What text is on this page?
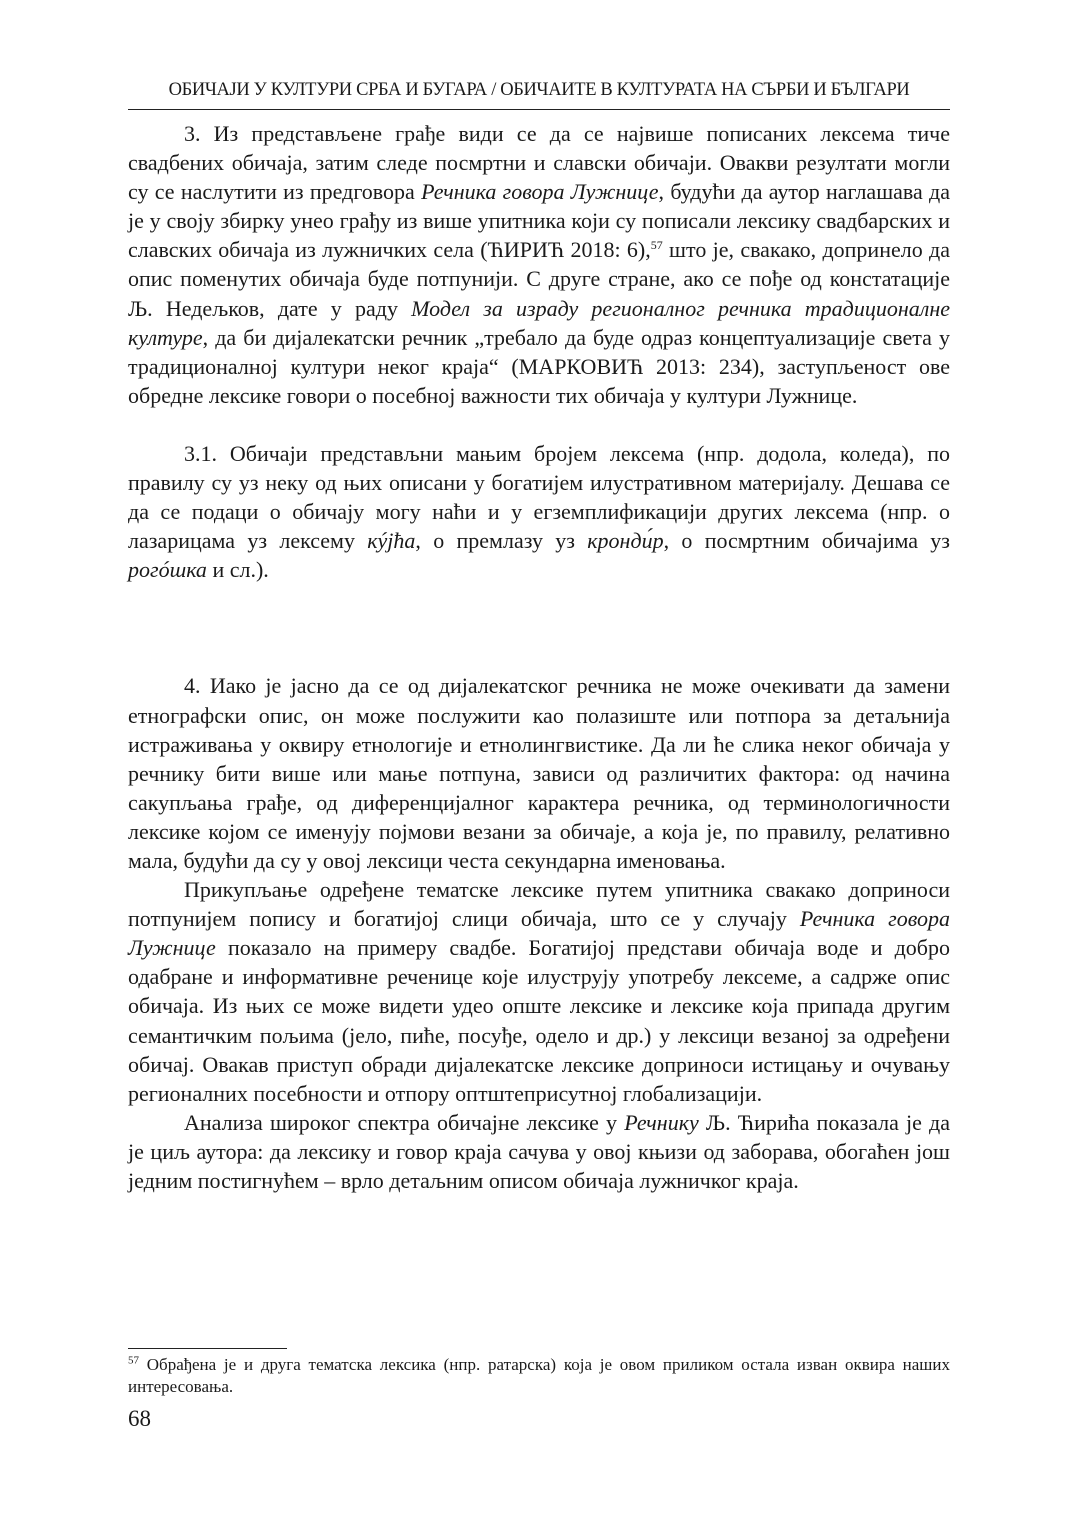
ОБИЧАЈИ У КУЛТУРИ СРБА И БУГАРА / ОБИЧАИТЕ В КУЛТУРАТА НА СЪРБИ И БЪЛГАРИ

3. Из представљене грађе види се да се највише пописаних лексема тиче свадбених обичаја, затим следе посмртни и славски обичаји. Овакви резултати могли су се наслутити из предговора Речника говора Лужнице, будући да аутор наглашава да је у своју збирку унео грађу из више упитника који су пописали лексику свадбарских и славских обичаја из лужничких села (ЋИРИЋ 2018: 6),$^{57}$ што је, свакако, допринело да опис поменутих обичаја буде потпунији. С друге стране, ако се пође од констатације Љ. Недељков, дате у раду Модел за израду регионалног речника традиционалне културе, да би дијалекатски речник „требало да буде одраз концептуализације света у традиционалној култури неког краја“ (МАРКОВИЋ 2013: 234), заступљеност ове обредне лексике говори о посебној важности тих обичаја у култури Лужнице.

3.1. Обичаји представљни мањим бројем лексема (нпр. додола, коледа), по правилу су уз неку од њих описани у богатијем илустративном материјалу. Дешава се да се подаци о обичају могу наћи и у егземплификацији других лексема (нпр. о лазарицама уз лексему кýјћа, о премлазу уз кронди́р, о посмртним обичајима уз рогóшка и сл.).

4. Иако је јасно да се од дијалекатског речника не може очекивати да замени етнографски опис, он може послужити као полазиште или потпора за детаљнија истраживања у оквиру етнологије и етнолингвистике. Да ли ће слика неког обичаја у речнику бити више или мање потпуна, зависи од различитих фактора: од начина сакупљања грађе, од диференцијалног карактера речника, од терминологичности лексике којом се именују појмови везани за обичаје, а која је, по правилу, релативно мала, будући да су у овој лексици честа секундарна именовања.

Прикупљање одређене тематске лексике путем упитника свакако доприноси потпунијем попису и богатијој слици обичаја, што се у случају Речника говора Лужнице показало на примеру свадбе. Богатијој представи обичаја воде и добро одабране и информативне реченице које илуструју употребу лексеме, а садрже опис обичаја. Из њих се може видети удео опште лексике и лексике која припада другим семантичким пољима (јело, пиће, посуђе, одело и др.) у лексици везаној за одређени обичај. Овакав приступ обради дијалекатске лексике доприноси истицању и очувању регионалних посебности и отпору оптштеприсутној глобализацији.

Анализа широког спектра обичајне лексике у Речнику Љ. Ћирића показала је да је циљ аутора: да лексику и говор краја сачува у овој књизи од заборава, обогаћен још једним постигнућем – врло детаљним описом обичаја лужничког краја.

$^{57}$ Обрађена је и друга тематска лексика (нпр. ратарска) која је овом приликом остала изван оквира наших интересовања.
68
